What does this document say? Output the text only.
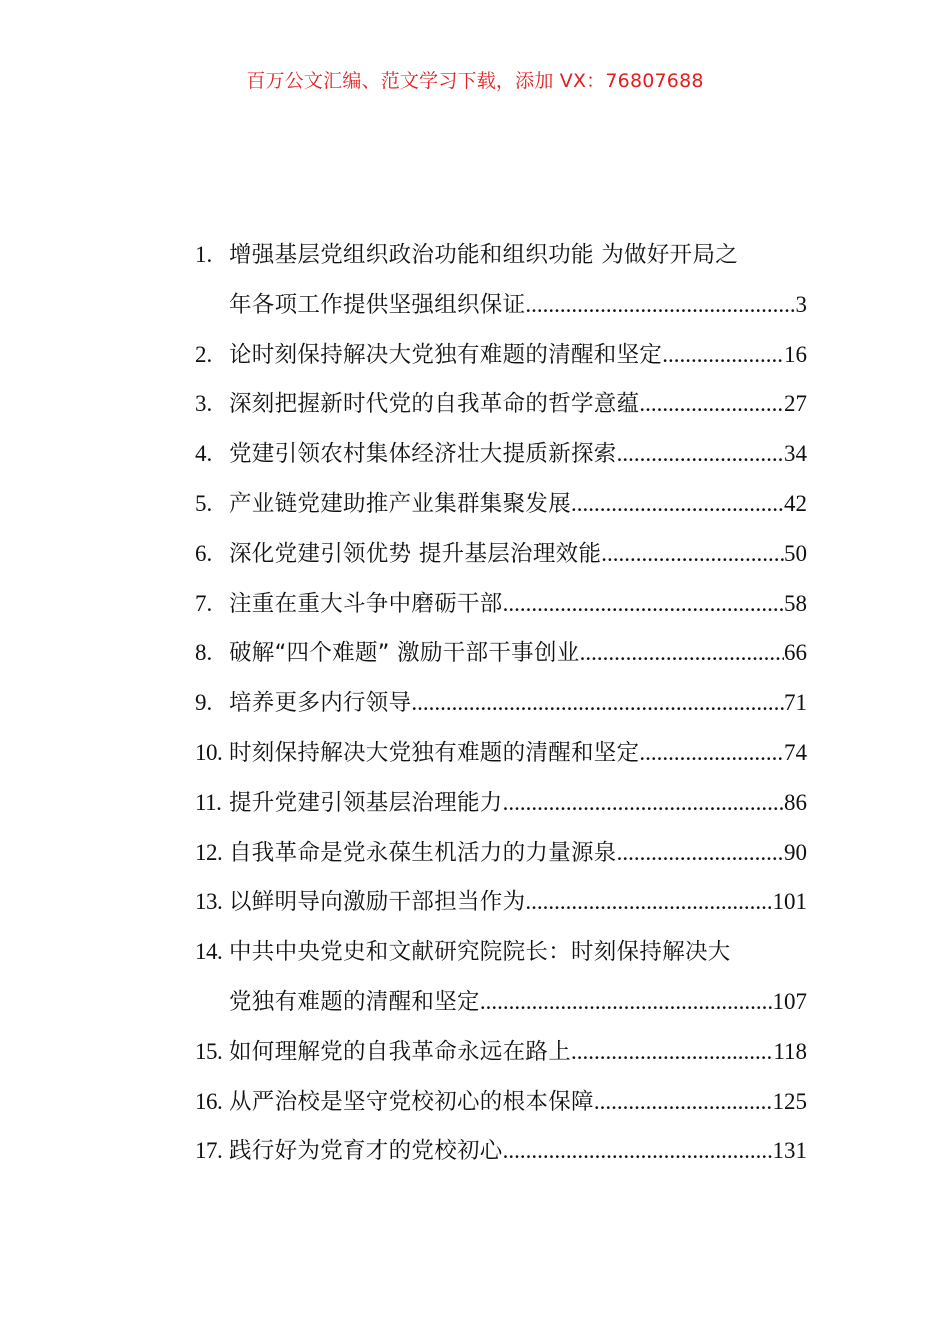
百万公文汇编、范文学习下载，添加 VX：76807688
1. 增强基层党组织政治功能和组织功能 为做好开局之
年各项工作提供坚强组织保证 .....	3
2. 论时刻保持解决大党独有难题的清醒和坚定 .....	16
3. 深刻把握新时代党的自我革命的哲学意蕴 .....	27
4. 党建引领农村集体经济壮大提质新探索 .....	34
5. 产业链党建助推产业集群集聚发展 .....	42
6. 深化党建引领优势 提升基层治理效能 .....	50
7. 注重在重大斗争中磨砺干部 .....	58
8. 破解“四个难题” 激励干部干事创业 .....	66
9. 培养更多内行领导 .....	71
10. 时刻保持解决大党独有难题的清醒和坚定 .....	74
11. 提升党建引领基层治理能力 .....	86
12. 自我革命是党永葆生机活力的力量源泉 .....	90
13. 以鲜明导向激励干部担当作为 .....	101
14. 中共中央党史和文献研究院院长：时刻保持解决大
党独有难题的清醒和坚定 .....	107
15. 如何理解党的自我革命永远在路上 .....	118
16. 从严治校是坚守党校初心的根本保障 .....	125
17. 践行好为党育才的党校初心 .....	131
